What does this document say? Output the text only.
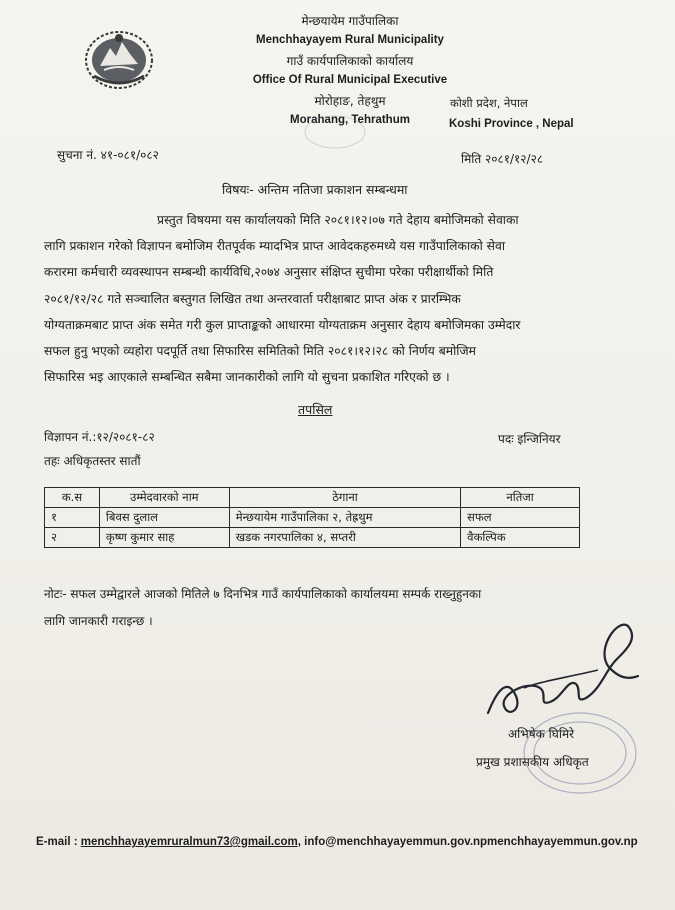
मेन्छयायेम गाउँपालिका
Menchhayayem Rural Municipality
गाउँ कार्यपालिकाको कार्यालय
Office Of Rural Municipal Executive
मोरोहाङ, तेहथुम
Morahang, Tehrathum
कोशी प्रदेश, नेपाल
Koshi Province , Nepal
सुचना नं. ४१-०८१/०८२	मिति २०८१/१२/२८
विषयः- अन्तिम नतिजा प्रकाशन सम्बन्धमा
प्रस्तुत विषयमा यस कार्यालयको मिति २०८१।१२।०७ गते देहाय बमोजिमको सेवाका
लागि प्रकाशन गरेको विज्ञापन बमोजिम रीतपूर्वक म्यादभित्र प्राप्त आवेदकहरुमध्ये यस गाउँपालिकाको सेवा
करारमा कर्मचारी व्यवस्थापन सम्बन्धी कार्यविधि,२०७४ अनुसार संक्षिप्त सुचीमा परेका परीक्षार्थीको मिति
२०८१/१२/२८ गते सञ्चालित बस्तुगत लिखित तथा अन्तरवार्ता परीक्षाबाट प्राप्त अंक र प्रारम्भिक
योग्यताक्रमबाट प्राप्त अंक समेत गरी कुल प्राप्ताङ्कको आधारमा योग्यताक्रम अनुसार देहाय बमोजिमका उम्मेदार
सफल हुनु भएको व्यहोरा पदपूर्ति तथा सिफारिस समितिको मिति २०८१।१२।२८ को निर्णय बमोजिम
सिफारिस भइ आएकाले सम्बन्धित सबैमा जानकारीको लागि यो सुचना प्रकाशित गरिएको छ ।
तपसिल
विज्ञापन नं.:१२/२०८१-८२	पदः इन्जिनियर
तहः अधिकृतस्तर सातौं
क.स	उम्मेदवारको नाम	ठेगाना	नतिजा
१	बिवस दुलाल	मेन्छयायेम गाउँपालिका २, तेह्रथुम	सफल
२	कृष्ण कुमार साह	खडक नगरपालिका ४, सप्तरी	वैकल्पिक
नोटः- सफल उम्मेद्वारले आजको मितिले ७ दिनभित्र गाउँ कार्यपालिकाको कार्यालयमा सम्पर्क राख्नुहुनका
लागि जानकारी गराइन्छ ।
अभिषेक घिमिरे
प्रमुख प्रशासकीय अधिकृत
E-mail : menchhayayemruralmun73@gmail.com, info@menchhayayemmun.gov.npmenchhayayemmun.gov.np
